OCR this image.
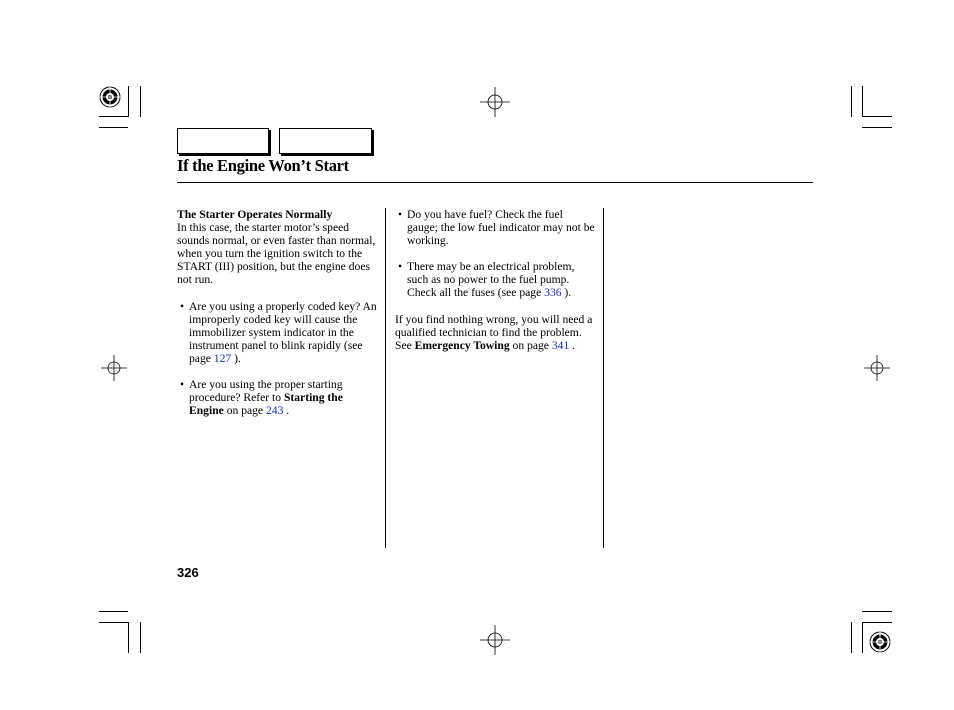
If the Engine Won’t Start

The Starter Operates Normally

In this case, the starter motor’s speed sounds normal, or even faster than normal, when you turn the ignition switch to the START (III) position, but the engine does not run.

• Are you using a properly coded key? An improperly coded key will cause the immobilizer system indicator in the instrument panel to blink rapidly (see page 127 ).

• Are you using the proper starting procedure? Refer to Starting the Engine on page 243 .

• Do you have fuel? Check the fuel gauge; the low fuel indicator may not be working.

• There may be an electrical problem, such as no power to the fuel pump. Check all the fuses (see page 336 ).

If you find nothing wrong, you will need a qualified technician to find the problem. See Emergency Towing on page 341 .

326
